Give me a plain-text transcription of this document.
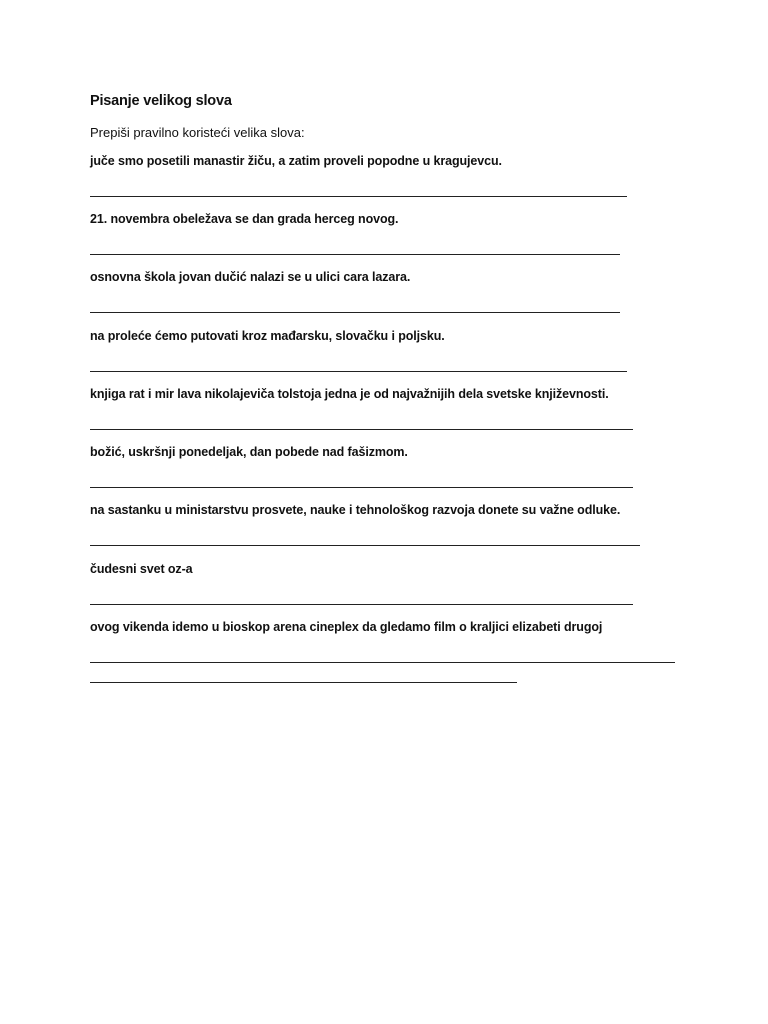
Pisanje velikog slova
Prepiši pravilno koristeći velika slova:
juče smo posetili manastir žiču, a zatim proveli popodne u kragujevcu.
21. novembra obeležava se dan grada herceg novog.
osnovna škola jovan dučić nalazi se u ulici cara lazara.
na proleće ćemo putovati kroz mađarsku, slovačku i poljsku.
knjiga rat i mir lava nikolajeviča tolstoja jedna je od najvažnijih dela svetske književnosti.
božić, uskršnji ponedeljak, dan pobede nad fašizmom.
na sastanku u ministarstvu prosvete, nauke i tehnološkog razvoja donete su važne odluke.
čudesni svet oz-a
ovog vikenda idemo u bioskop arena cineplex da gledamo film o kraljici elizabeti drugoj
